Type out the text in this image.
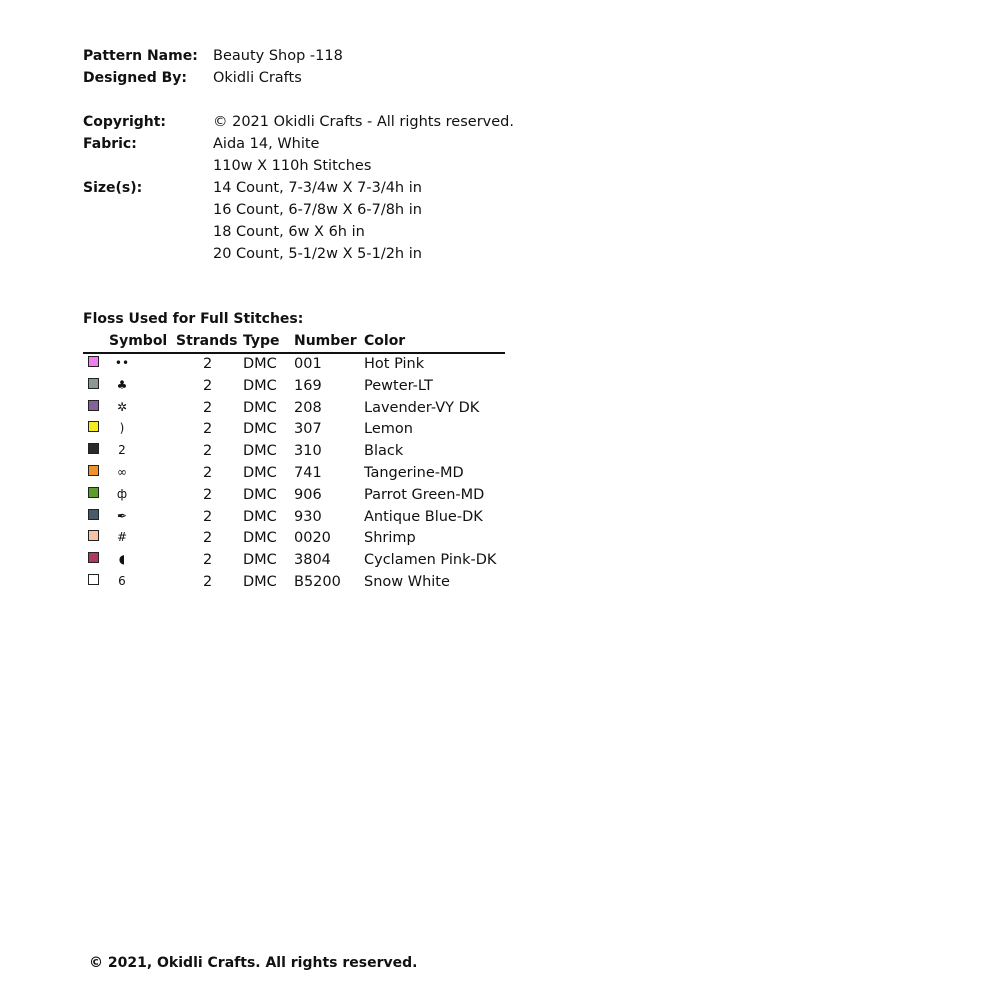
Pattern Name:	Beauty Shop -118
Designed By:	Okidli Crafts
Copyright:	© 2021 Okidli Crafts - All rights reserved.
Fabric:	Aida 14, White
110w X 110h Stitches
Size(s):	14 Count, 7-3/4w X 7-3/4h in
16 Count, 6-7/8w X 6-7/8h in
18 Count, 6w X 6h in
20 Count, 5-1/2w X 5-1/2h in
Floss Used for Full Stitches:
Symbol Strands Type Number Color
••	2 DMC 001	Hot Pink
♣	2 DMC 169	Pewter-LT
✲	2 DMC 208	Lavender-VY DK
)	2 DMC 307	Lemon
2	2 DMC 310	Black
∞	2 DMC 741	Tangerine-MD
ф	2 DMC 906	Parrot Green-MD
✒	2 DMC 930	Antique Blue-DK
#	2 DMC 0020 Shrimp
◖	2 DMC 3804 Cyclamen Pink-DK
6	2 DMC B5200 Snow White
© 2021, Okidli Crafts. All rights reserved.
